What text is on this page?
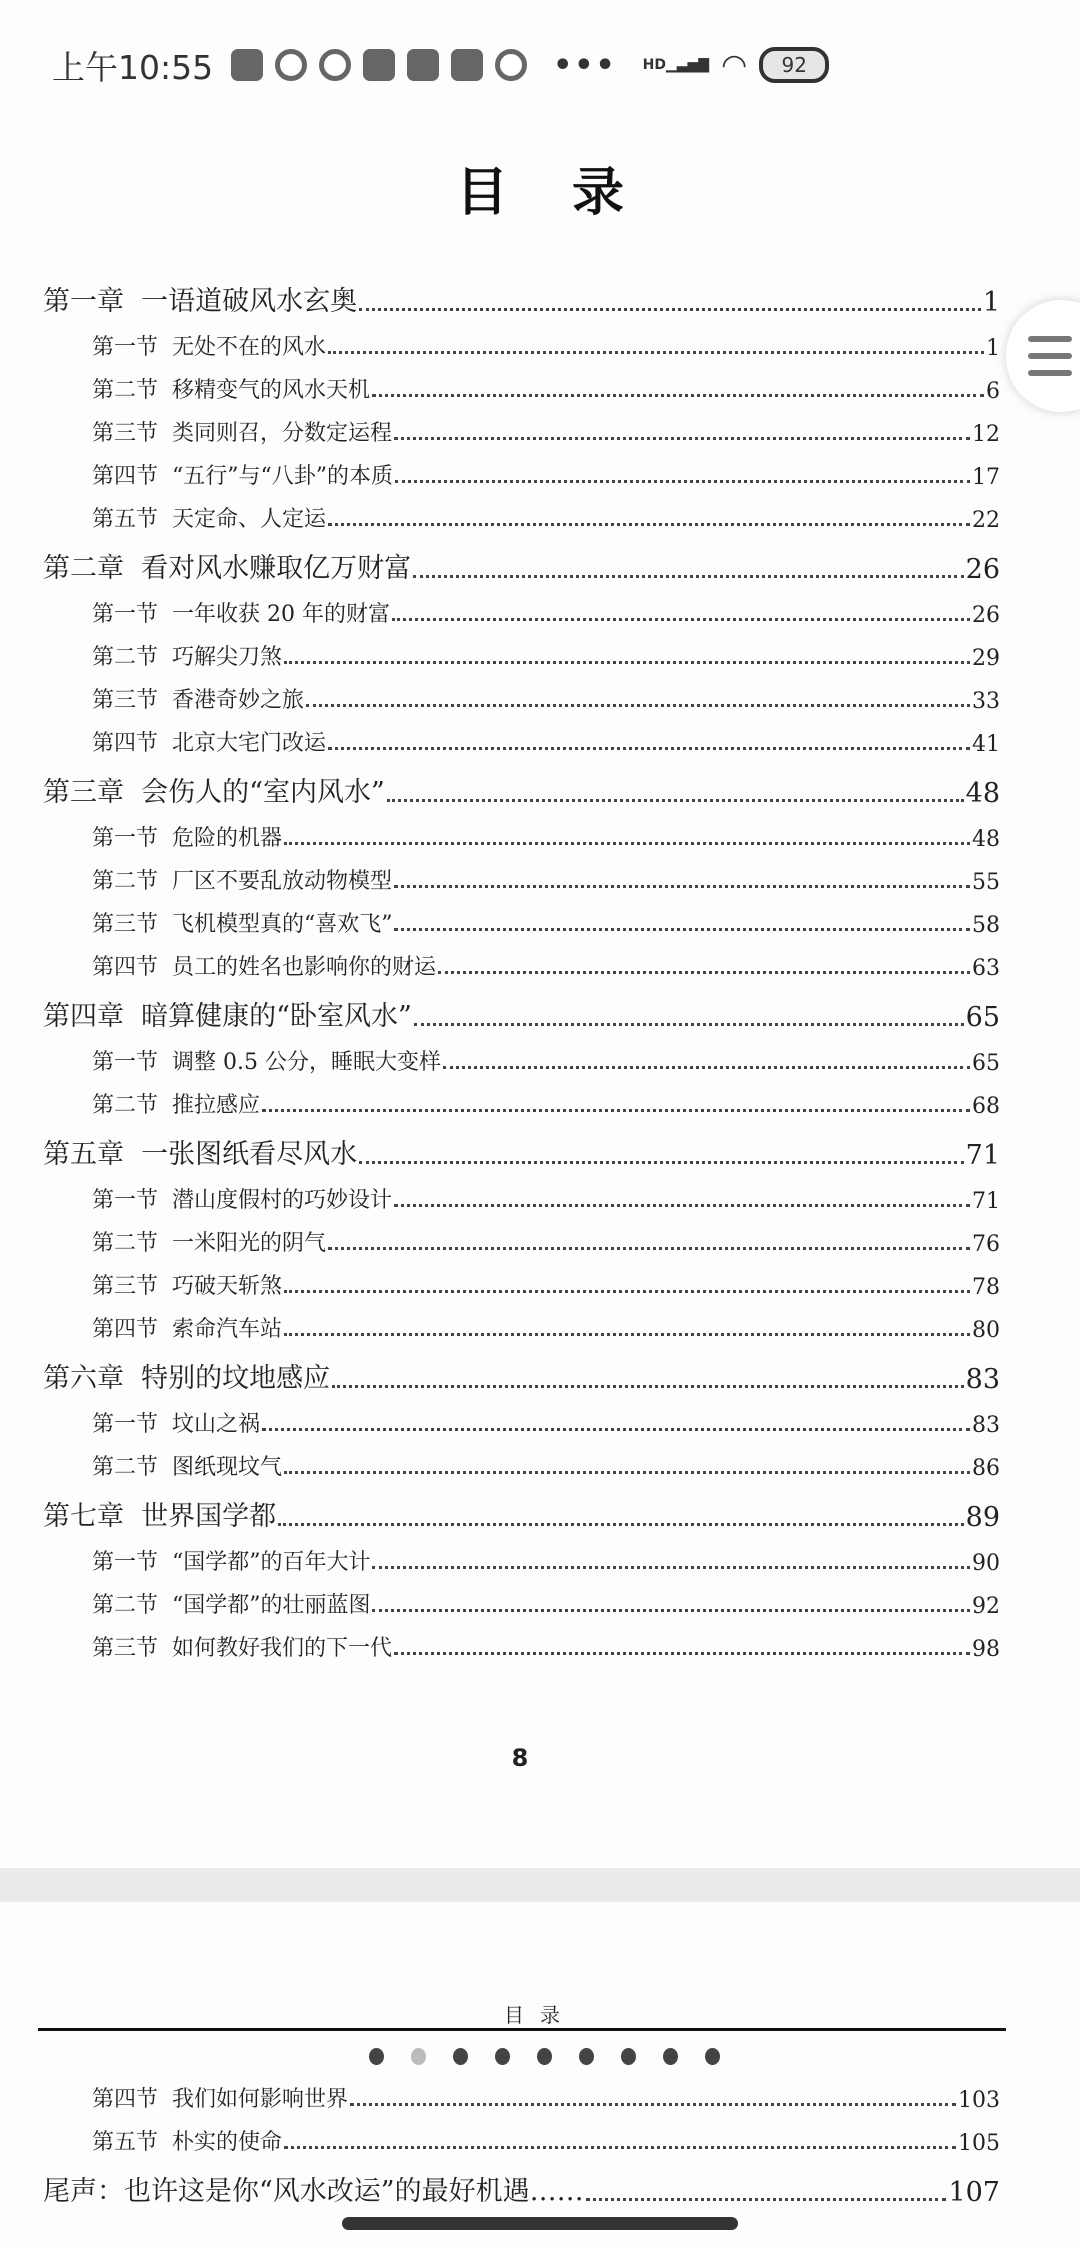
上午10:55	••• HD▁▃▅▇ ◠ 92
目录
第一章  一语道破风水玄奥	1
第一节  无处不在的风水	1
第二节  移精变气的风水天机	6
第三节  类同则召，分数定运程	12
第四节  “五行”与“八卦”的本质	17
第五节  天定命、人定运	22
第二章  看对风水赚取亿万财富	26
第一节  一年收获 20 年的财富	26
第二节  巧解尖刀煞	29
第三节  香港奇妙之旅	33
第四节  北京大宅门改运	41
第三章  会伤人的“室内风水”	48
第一节  危险的机器	48
第二节  厂区不要乱放动物模型	55
第三节  飞机模型真的“喜欢飞”	58
第四节  员工的姓名也影响你的财运	63
第四章  暗算健康的“卧室风水”	65
第一节  调整 0.5 公分，睡眠大变样	65
第二节  推拉感应	68
第五章  一张图纸看尽风水	71
第一节  潜山度假村的巧妙设计	71
第二节  一米阳光的阴气	76
第三节  巧破天斩煞	78
第四节  索命汽车站	80
第六章  特别的坟地感应	83
第一节  坟山之祸	83
第二节  图纸现坟气	86
第七章  世界国学都	89
第一节  “国学都”的百年大计	90
第二节  “国学都”的壮丽蓝图	92
第三节  如何教好我们的下一代	98
8
目录
第四节  我们如何影响世界	103
第五节  朴实的使命	105
尾声：也许这是你“风水改运”的最好机遇……	107
